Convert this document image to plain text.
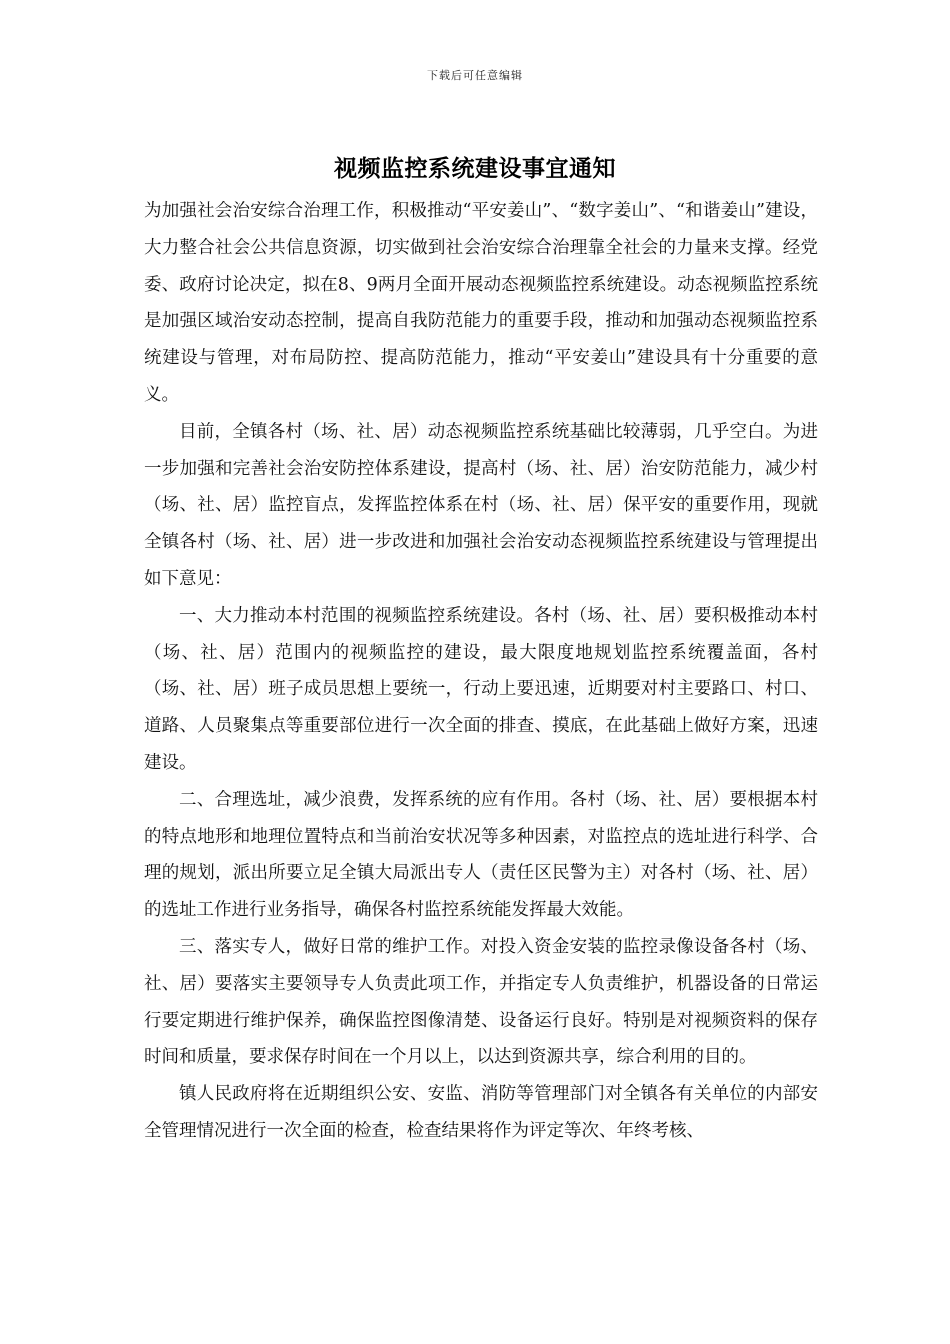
下载后可任意编辑
视频监控系统建设事宜通知

为加强社会治安综合治理工作，积极推动“平安姜山”、“数字姜山”、“和谐姜山”建设，大力整合社会公共信息资源，切实做到社会治安综合治理靠全社会的力量来支撑。经党委、政府讨论决定，拟在8、9两月全面开展动态视频监控系统建设。动态视频监控系统是加强区域治安动态控制，提高自我防范能力的重要手段，推动和加强动态视频监控系统建设与管理，对布局防控、提高防范能力，推动“平安姜山”建设具有十分重要的意义。

目前，全镇各村（场、社、居）动态视频监控系统基础比较薄弱，几乎空白。为进一步加强和完善社会治安防控体系建设，提高村（场、社、居）治安防范能力，减少村（场、社、居）监控盲点，发挥监控体系在村（场、社、居）保平安的重要作用，现就全镇各村（场、社、居）进一步改进和加强社会治安动态视频监控系统建设与管理提出如下意见：

一、大力推动本村范围的视频监控系统建设。各村（场、社、居）要积极推动本村（场、社、居）范围内的视频监控的建设，最大限度地规划监控系统覆盖面，各村（场、社、居）班子成员思想上要统一，行动上要迅速，近期要对村主要路口、村口、道路、人员聚集点等重要部位进行一次全面的排查、摸底，在此基础上做好方案，迅速建设。

二、合理选址，减少浪费，发挥系统的应有作用。各村（场、社、居）要根据本村的特点地形和地理位置特点和当前治安状况等多种因素，对监控点的选址进行科学、合理的规划，派出所要立足全镇大局派出专人（责任区民警为主）对各村（场、社、居）的选址工作进行业务指导，确保各村监控系统能发挥最大效能。

三、落实专人，做好日常的维护工作。对投入资金安装的监控录像设备各村（场、社、居）要落实主要领导专人负责此项工作，并指定专人负责维护，机器设备的日常运行要定期进行维护保养，确保监控图像清楚、设备运行良好。特别是对视频资料的保存时间和质量，要求保存时间在一个月以上，以达到资源共享，综合利用的目的。

镇人民政府将在近期组织公安、安监、消防等管理部门对全镇各有关单位的内部安全管理情况进行一次全面的检查，检查结果将作为评定等次、年终考核、
